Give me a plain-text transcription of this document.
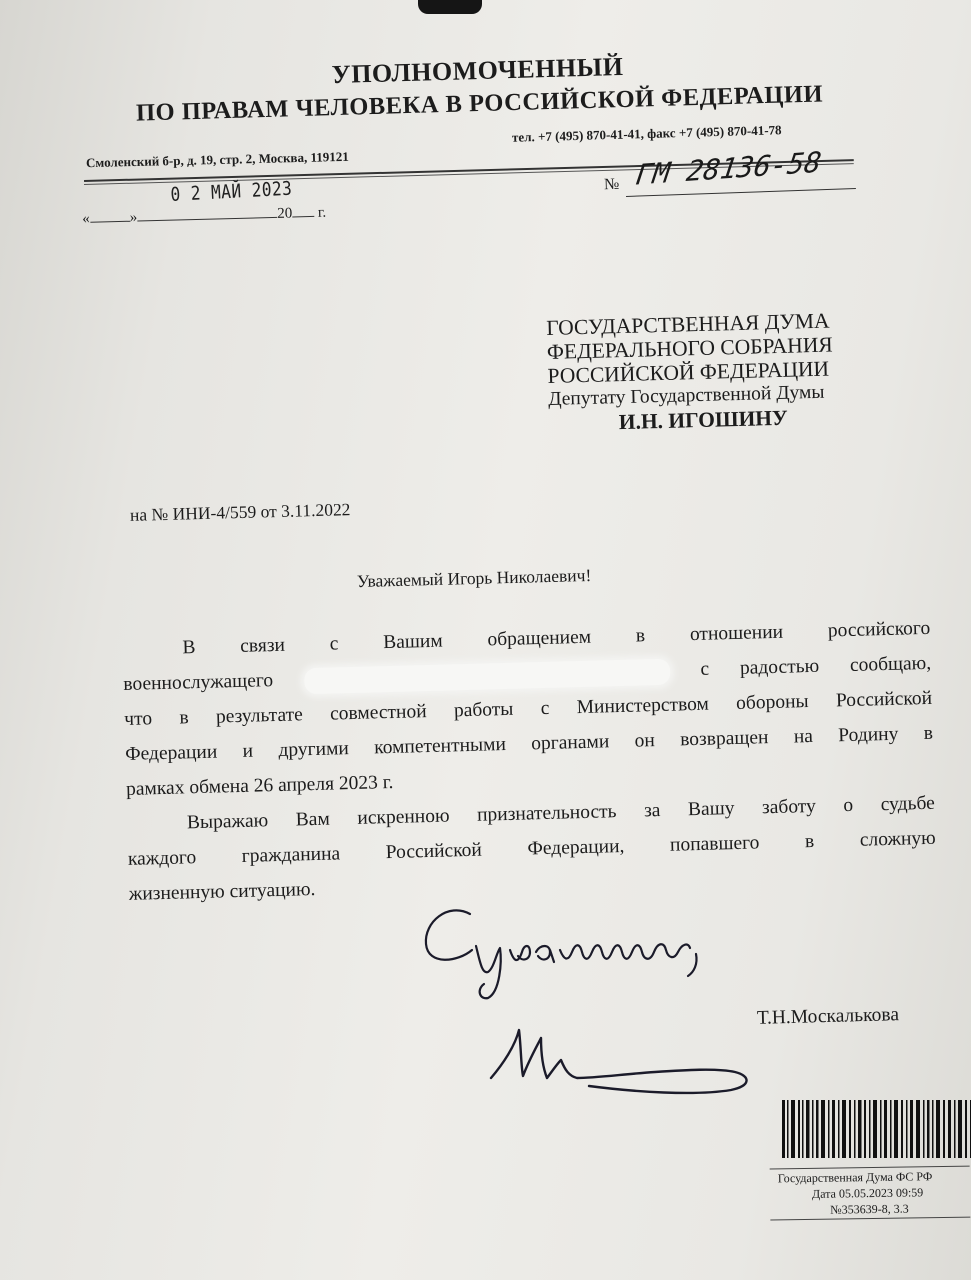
УПОЛНОМОЧЕННЫЙ
ПО ПРАВАМ ЧЕЛОВЕКА В РОССИЙСКОЙ ФЕДЕРАЦИИ
тел. +7 (495) 870-41-41, факс +7 (495) 870-41-78
Смоленский б-р, д. 19, стр. 2, Москва, 119121
«	»	20 г.
0 2 МАЙ 2023	№ ГМ 28136-58
ГОСУДАРСТВЕННАЯ ДУМА
ФЕДЕРАЛЬНОГО СОБРАНИЯ
РОССИЙСКОЙ ФЕДЕРАЦИИ
Депутату Государственной Думы
И.Н. ИГОШИНУ
на № ИНИ-4/559 от 3.11.2022
Уважаемый Игорь Николаевич!

В связи с Вашим обращением в отношении российского

военнослужащего  с радостью сообщаю,

что в результате совместной работы с Министерством обороны Российской

Федерации и другими компетентными органами он возвращен на Родину в

рамках обмена 26 апреля 2023 г.

Выражаю Вам искренною признательность за Вашу заботу о судьбе

каждого гражданина Российской Федерации, попавшего в сложную

жизненную ситуацию.

Т.Н.Москалькова
Государственная Дума ФС РФ
Дата 05.05.2023 09:59
№353639-8, 3.3
